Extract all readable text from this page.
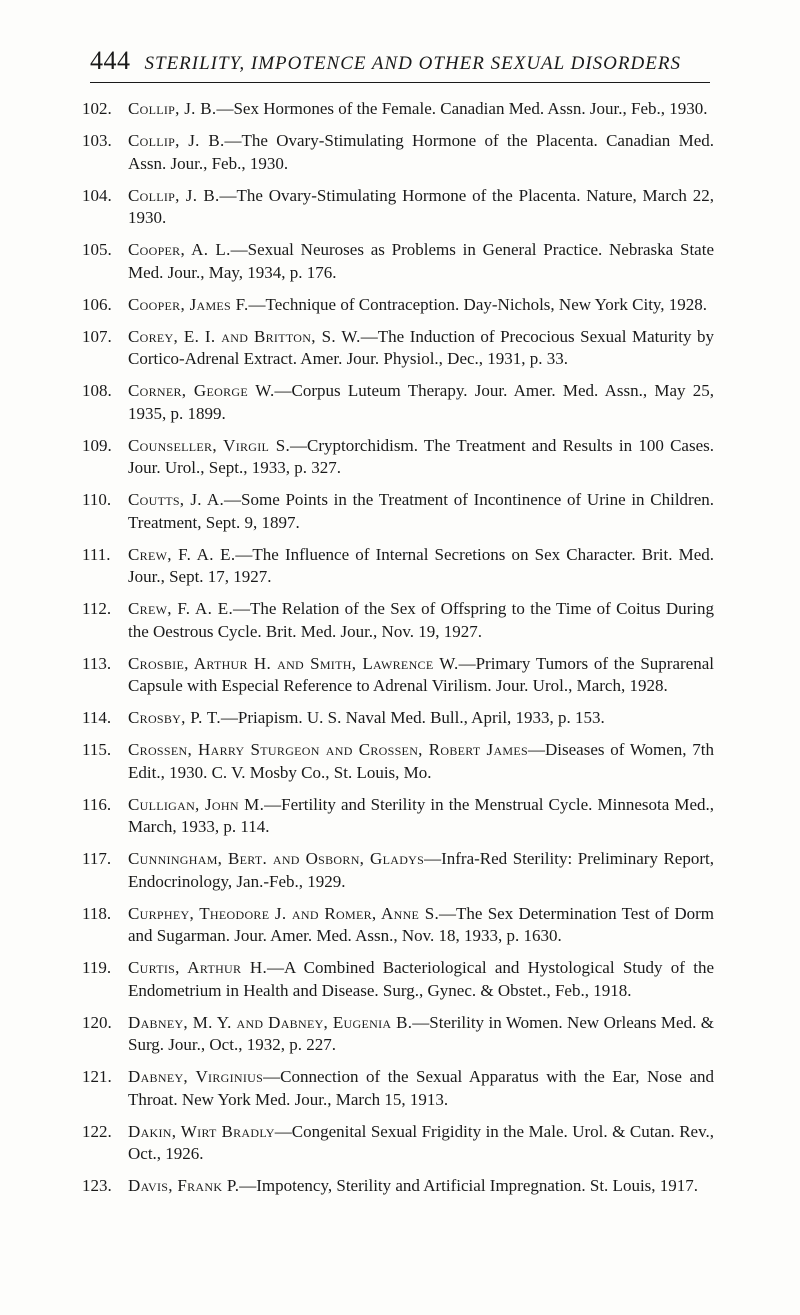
444 STERILITY, IMPOTENCE AND OTHER SEXUAL DISORDERS
102. Collip, J. B.—Sex Hormones of the Female. Canadian Med. Assn. Jour., Feb., 1930.
103. Collip, J. B.—The Ovary-Stimulating Hormone of the Placenta. Canadian Med. Assn. Jour., Feb., 1930.
104. Collip, J. B.—The Ovary-Stimulating Hormone of the Placenta. Nature, March 22, 1930.
105. Cooper, A. L.—Sexual Neuroses as Problems in General Practice. Nebraska State Med. Jour., May, 1934, p. 176.
106. Cooper, James F.—Technique of Contraception. Day-Nichols, New York City, 1928.
107. Corey, E. I. and Britton, S. W.—The Induction of Precocious Sexual Maturity by Cortico-Adrenal Extract. Amer. Jour. Physiol., Dec., 1931, p. 33.
108. Corner, George W.—Corpus Luteum Therapy. Jour. Amer. Med. Assn., May 25, 1935, p. 1899.
109. Counseller, Virgil S.—Cryptorchidism. The Treatment and Results in 100 Cases. Jour. Urol., Sept., 1933, p. 327.
110. Coutts, J. A.—Some Points in the Treatment of Incontinence of Urine in Children. Treatment, Sept. 9, 1897.
111. Crew, F. A. E.—The Influence of Internal Secretions on Sex Character. Brit. Med. Jour., Sept. 17, 1927.
112. Crew, F. A. E.—The Relation of the Sex of Offspring to the Time of Coitus During the Oestrous Cycle. Brit. Med. Jour., Nov. 19, 1927.
113. Crosbie, Arthur H. and Smith, Lawrence W.—Primary Tumors of the Suprarenal Capsule with Especial Reference to Adrenal Virilism. Jour. Urol., March, 1928.
114. Crosby, P. T.—Priapism. U. S. Naval Med. Bull., April, 1933, p. 153.
115. Crossen, Harry Sturgeon and Crossen, Robert James—Diseases of Women, 7th Edit., 1930. C. V. Mosby Co., St. Louis, Mo.
116. Culligan, John M.—Fertility and Sterility in the Menstrual Cycle. Minnesota Med., March, 1933, p. 114.
117. Cunningham, Bert. and Osborn, Gladys—Infra-Red Sterility: Preliminary Report, Endocrinology, Jan.-Feb., 1929.
118. Curphey, Theodore J. and Romer, Anne S.—The Sex Determination Test of Dorm and Sugarman. Jour. Amer. Med. Assn., Nov. 18, 1933, p. 1630.
119. Curtis, Arthur H.—A Combined Bacteriological and Hystological Study of the Endometrium in Health and Disease. Surg., Gynec. & Obstet., Feb., 1918.
120. Dabney, M. Y. and Dabney, Eugenia B.—Sterility in Women. New Orleans Med. & Surg. Jour., Oct., 1932, p. 227.
121. Dabney, Virginius—Connection of the Sexual Apparatus with the Ear, Nose and Throat. New York Med. Jour., March 15, 1913.
122. Dakin, Wirt Bradly—Congenital Sexual Frigidity in the Male. Urol. & Cutan. Rev., Oct., 1926.
123. Davis, Frank P.—Impotency, Sterility and Artificial Impregnation. St. Louis, 1917.
